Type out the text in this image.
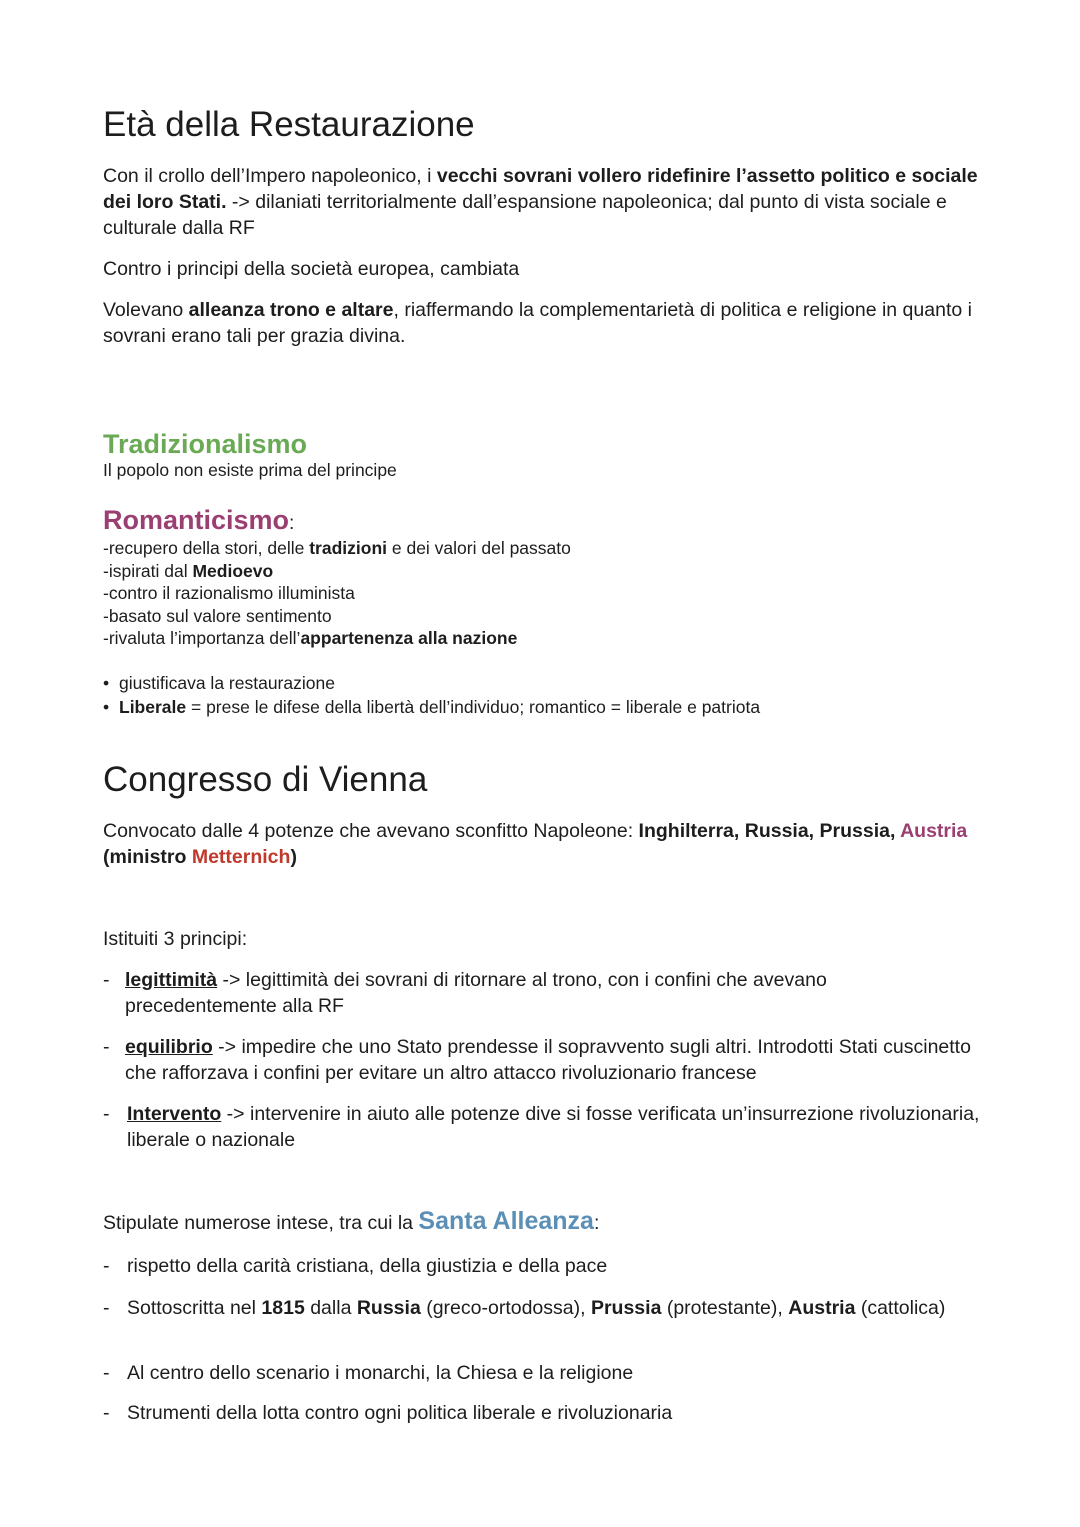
Età della Restaurazione

Con il crollo dell’Impero napoleonico, i vecchi sovrani vollero ridefinire l’assetto politico e sociale dei loro Stati. -> dilaniati territorialmente dall’espansione napoleonica; dal punto di vista sociale e culturale dalla RF

Contro i principi della società europea, cambiata

Volevano alleanza trono e altare, riaffermando la complementarietà di politica e religione in quanto i sovrani erano tali per grazia divina.

Tradizionalismo

Il popolo non esiste prima del principe

Romanticismo:
-recupero della stori, delle tradizioni e dei valori del passato
-ispirati dal Medioevo
-contro il razionalismo illuminista
-basato sul valore sentimento
-rivaluta l’importanza dell’appartenenza alla nazione
• giustificava la restaurazione
• Liberale = prese le difese della libertà dell’individuo; romantico = liberale e patriota
Congresso di Vienna

Convocato dalle 4 potenze che avevano sconfitto Napoleone: Inghilterra, Russia, Prussia, Austria (ministro Metternich)

Istituiti 3 principi:

- legittimità -> legittimità dei sovrani di ritornare al trono, con i confini che avevano precedentemente alla RF
- equilibrio -> impedire che uno Stato prendesse il sopravvento sugli altri. Introdotti Stati cuscinetto che rafforzava i confini per evitare un altro attacco rivoluzionario francese
- Intervento -> intervenire in aiuto alle potenze dive si fosse verificata un’insurrezione rivoluzionaria, liberale o nazionale

Stipulate numerose intese, tra cui la Santa Alleanza:

- rispetto della carità cristiana, della giustizia e della pace
- Sottoscritta nel 1815 dalla Russia (greco-ortodossa), Prussia (protestante), Austria (cattolica)
- Al centro dello scenario i monarchi, la Chiesa e la religione
- Strumenti della lotta contro ogni politica liberale e rivoluzionaria
